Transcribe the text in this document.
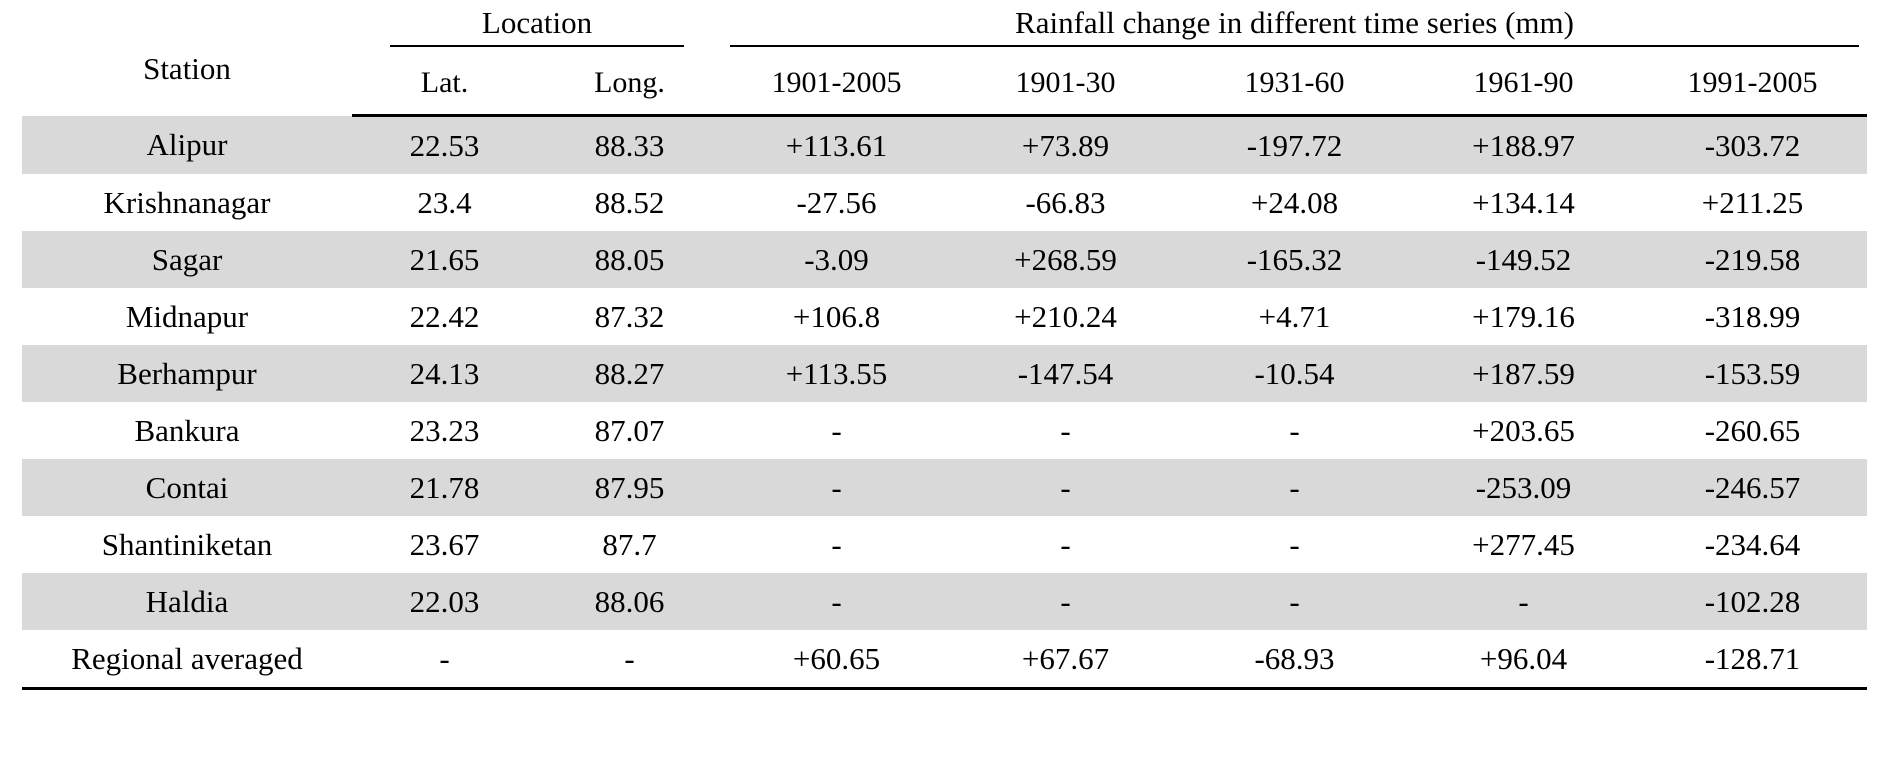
Station	Location		Rainfall change in different time series (mm)				

	Lat.	Long.	1901-2005	1901-30	1931-60	1961-90	1991-2005
Alipur	22.53	88.33	+113.61	+73.89	-197.72	+188.97	-303.72
Krishnanagar	23.4	88.52	-27.56	-66.83	+24.08	+134.14	+211.25
Sagar	21.65	88.05	-3.09	+268.59	-165.32	-149.52	-219.58
Midnapur	22.42	87.32	+106.8	+210.24	+4.71	+179.16	-318.99
Berhampur	24.13	88.27	+113.55	-147.54	-10.54	+187.59	-153.59
Bankura	23.23	87.07	-	-	-	+203.65	-260.65
Contai	21.78	87.95	-	-	-	-253.09	-246.57
Shantiniketan	23.67	87.7	-	-	-	+277.45	-234.64
Haldia	22.03	88.06	-	-	-	-	-102.28
Regional averaged	-	-	+60.65	+67.67	-68.93	+96.04	-128.71
